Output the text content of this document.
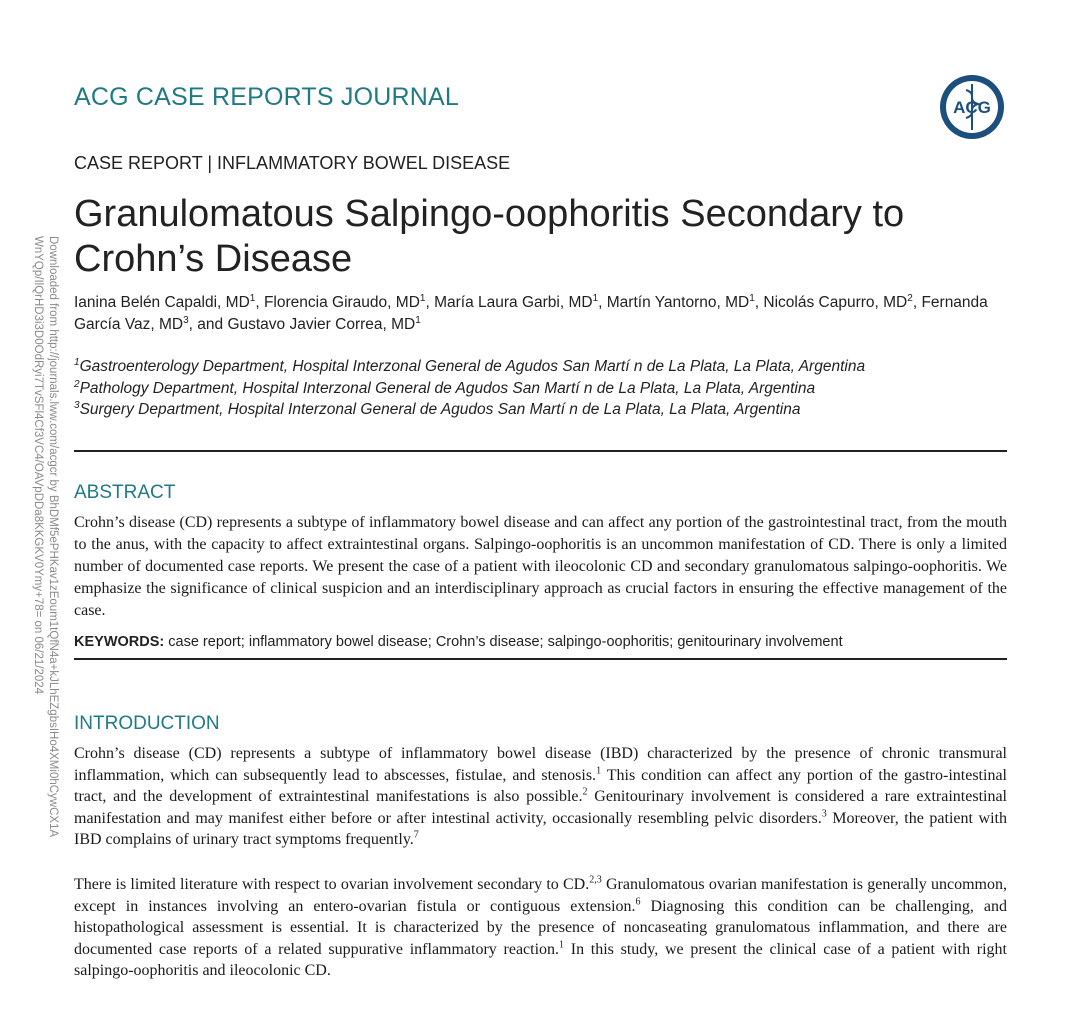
ACG CASE REPORTS JOURNAL	ACG
CASE REPORT | INFLAMMATORY BOWEL DISEASE
Granulomatous Salpingo-oophoritis Secondary to Crohn’s Disease
Ianina Belén Capaldi, $MD^1$, Florencia Giraudo, $MD^1$, María Laura Garbi, $MD^1$, Martín Yantorno, $MD^1$, Nicolás Capurro, $MD^2$, Fernanda García Vaz, $MD^3$, and Gustavo Javier Correa, $MD^1$
$^1$Gastroenterology Department, Hospital Interzonal General de Agudos San Martí n de La Plata, La Plata, Argentina
$^2$Pathology Department, Hospital Interzonal General de Agudos San Martí n de La Plata, La Plata, Argentina
$^3$Surgery Department, Hospital Interzonal General de Agudos San Martí n de La Plata, La Plata, Argentina
ABSTRACT
Crohn’s disease (CD) represents a subtype of inflammatory bowel disease and can affect any portion of the gastrointestinal tract, from the mouth to the anus, with the capacity to affect extraintestinal organs. Salpingo-oophoritis is an uncommon manifestation of CD. There is only a limited number of documented case reports. We present the case of a patient with ileocolonic CD and secondary granulomatous salpingo-oophoritis. We emphasize the significance of clinical suspicion and an interdisciplinary approach as crucial factors in ensuring the effective management of the case.
KEYWORDS: case report; inflammatory bowel disease; Crohn’s disease; salpingo-oophoritis; genitourinary involvement
INTRODUCTION
Crohn’s disease (CD) represents a subtype of inflammatory bowel disease (IBD) characterized by the presence of chronic transmural inflammation, which can subsequently lead to abscesses, fistulae, and stenosis.$^1$ This condition can affect any portion of the gastro-intestinal tract, and the development of extraintestinal manifestations is also possible.$^2$ Genitourinary involvement is considered a rare extraintestinal manifestation and may manifest either before or after intestinal activity, occasionally resembling pelvic disorders.$^3$ Moreover, the patient with IBD complains of urinary tract symptoms frequently.$^7$
There is limited literature with respect to ovarian involvement secondary to CD.$^{2,3}$ Granulomatous ovarian manifestation is generally uncommon, except in instances involving an entero-ovarian fistula or contiguous extension.$^6$ Diagnosing this condition can be challenging, and histopathological assessment is essential. It is characterized by the presence of noncaseating granulomatous inflammation, and there are documented case reports of a related suppurative inflammatory reaction.$^1$ In this study, we present the clinical case of a patient with right salpingo-oophoritis and ileocolonic CD.
Downloaded from http://journals.lww.com/acgcr by BhDMf5ePHKav1zEoum1tQfN4a+kJLhEZgbsIHo4XMi0hCywCX1A
WnYQp/IlQrHD3i3D0OdRyi7TvSFl4Cf3VC4/OAVpDDa8KKGKV0Ymy+78= on 06/21/2024
